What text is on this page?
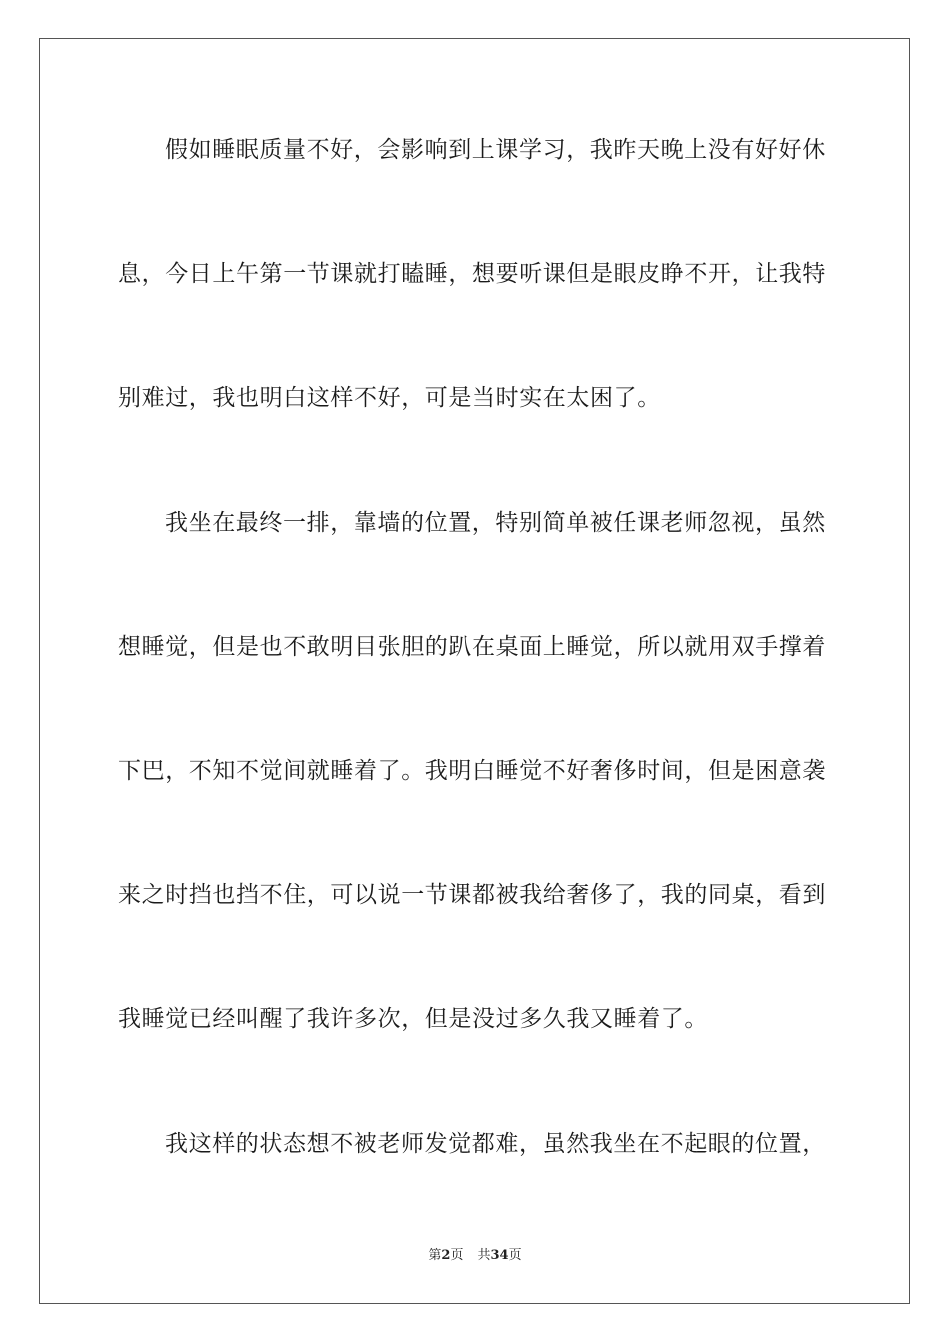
假如睡眠质量不好，会影响到上课学习，我昨天晚上没有好好休
息，今日上午第一节课就打瞌睡，想要听课但是眼皮睁不开，让我特
别难过，我也明白这样不好，可是当时实在太困了。
我坐在最终一排，靠墙的位置，特别简单被任课老师忽视，虽然
想睡觉，但是也不敢明目张胆的趴在桌面上睡觉，所以就用双手撑着
下巴，不知不觉间就睡着了。我明白睡觉不好奢侈时间，但是困意袭
来之时挡也挡不住，可以说一节课都被我给奢侈了，我的同桌，看到
我睡觉已经叫醒了我许多次，但是没过多久我又睡着了。
我这样的状态想不被老师发觉都难，虽然我坐在不起眼的位置，
第2页 共34页
